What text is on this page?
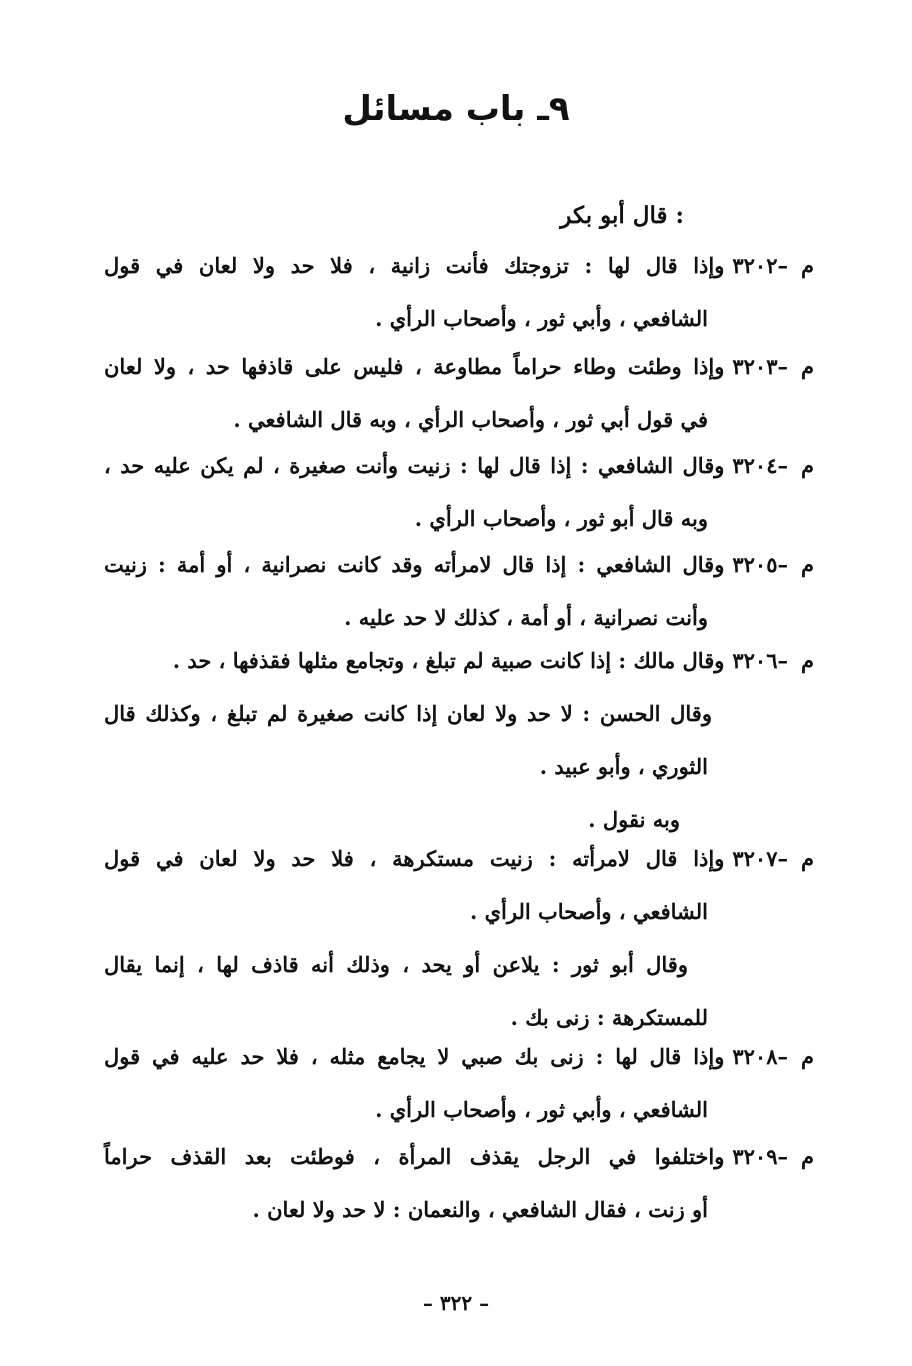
٩ـ باب مسائل
قال أبو بكر :
م
٣٢٠٢–
وإذا قال لها : تزوجتك فأنت زانية ، فلا حد ولا لعان في قول
الشافعي ، وأبي ثور ، وأصحاب الرأي .
م
٣٢٠٣–
وإذا وطئت وطاء حراماً مطاوعة ، فليس على قاذفها حد ، ولا لعان
في قول أبي ثور ، وأصحاب الرأي ، وبه قال الشافعي .
م
٣٢٠٤–
وقال الشافعي : إذا قال لها : زنيت وأنت صغيرة ، لم يكن عليه حد ،
وبه قال أبو ثور ، وأصحاب الرأي .
م
٣٢٠٥–
وقال الشافعي : إذا قال لامرأته وقد كانت نصرانية ، أو أمة : زنيت
وأنت نصرانية ، أو أمة ، كذلك لا حد عليه .
م
٣٢٠٦–
وقال مالك : إذا كانت صبية لم تبلغ ، وتجامع مثلها فقذفها ، حد .
وقال الحسن : لا حد ولا لعان إذا كانت صغيرة لم تبلغ ، وكذلك قال
الثوري ، وأبو عبيد .
وبه نقول .
م
٣٢٠٧–
وإذا قال لامرأته : زنيت مستكرهة ، فلا حد ولا لعان في قول
الشافعي ، وأصحاب الرأي .
وقال أبو ثور : يلاعن أو يحد ، وذلك أنه قاذف لها ، إنما يقال
للمستكرهة : زنى بك .
م
٣٢٠٨–
وإذا قال لها : زنى بك صبي لا يجامع مثله ، فلا حد عليه في قول
الشافعي ، وأبي ثور ، وأصحاب الرأي .
م
٣٢٠٩–
واختلفوا في الرجل يقذف المرأة ، فوطئت بعد القذف حراماً
أو زنت ، فقال الشافعي ، والنعمان : لا حد ولا لعان .
– ٣٢٢ –
